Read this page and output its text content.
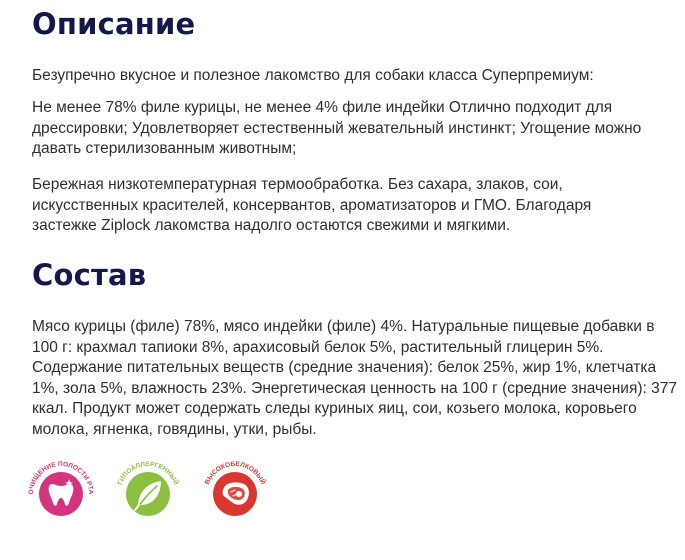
Описание

Безупречно вкусное и полезное лакомство для собаки класса Суперпремиум:

Не менее 78% филе курицы, не менее 4% филе индейки Отлично подходит для дрессировки; Удовлетворяет естественный жевательный инстинкт; Угощение можно давать стерилизованным животным;

Бережная низкотемпературная термообработка. Без сахара, злаков, сои, искусственных красителей, консервантов, ароматизаторов и ГМО. Благодаря застежке Ziplock лакомства надолго остаются свежими и мягкими.

Состав

Мясо курицы (филе) 78%, мясо индейки (филе) 4%. Натуральные пищевые добавки в 100 г: крахмал тапиоки 8%, арахисовый белок 5%, растительный глицерин 5%. Содержание питательных веществ (средние значения): белок 25%, жир 1%, клетчатка 1%, зола 5%, влажность 23%. Энергетическая ценность на 100 г (средние значения): 377 ккал. Продукт может содержать следы куриных яиц, сои, козьего молока, коровьего молока, ягненка, говядины, утки, рыбы.

ОЧИЩЕНИЕ ПОЛОСТИ РТА
ГИПОАЛЛЕРГЕННЫЙ	ВЫСОКОБЕЛКОВЫЙ
